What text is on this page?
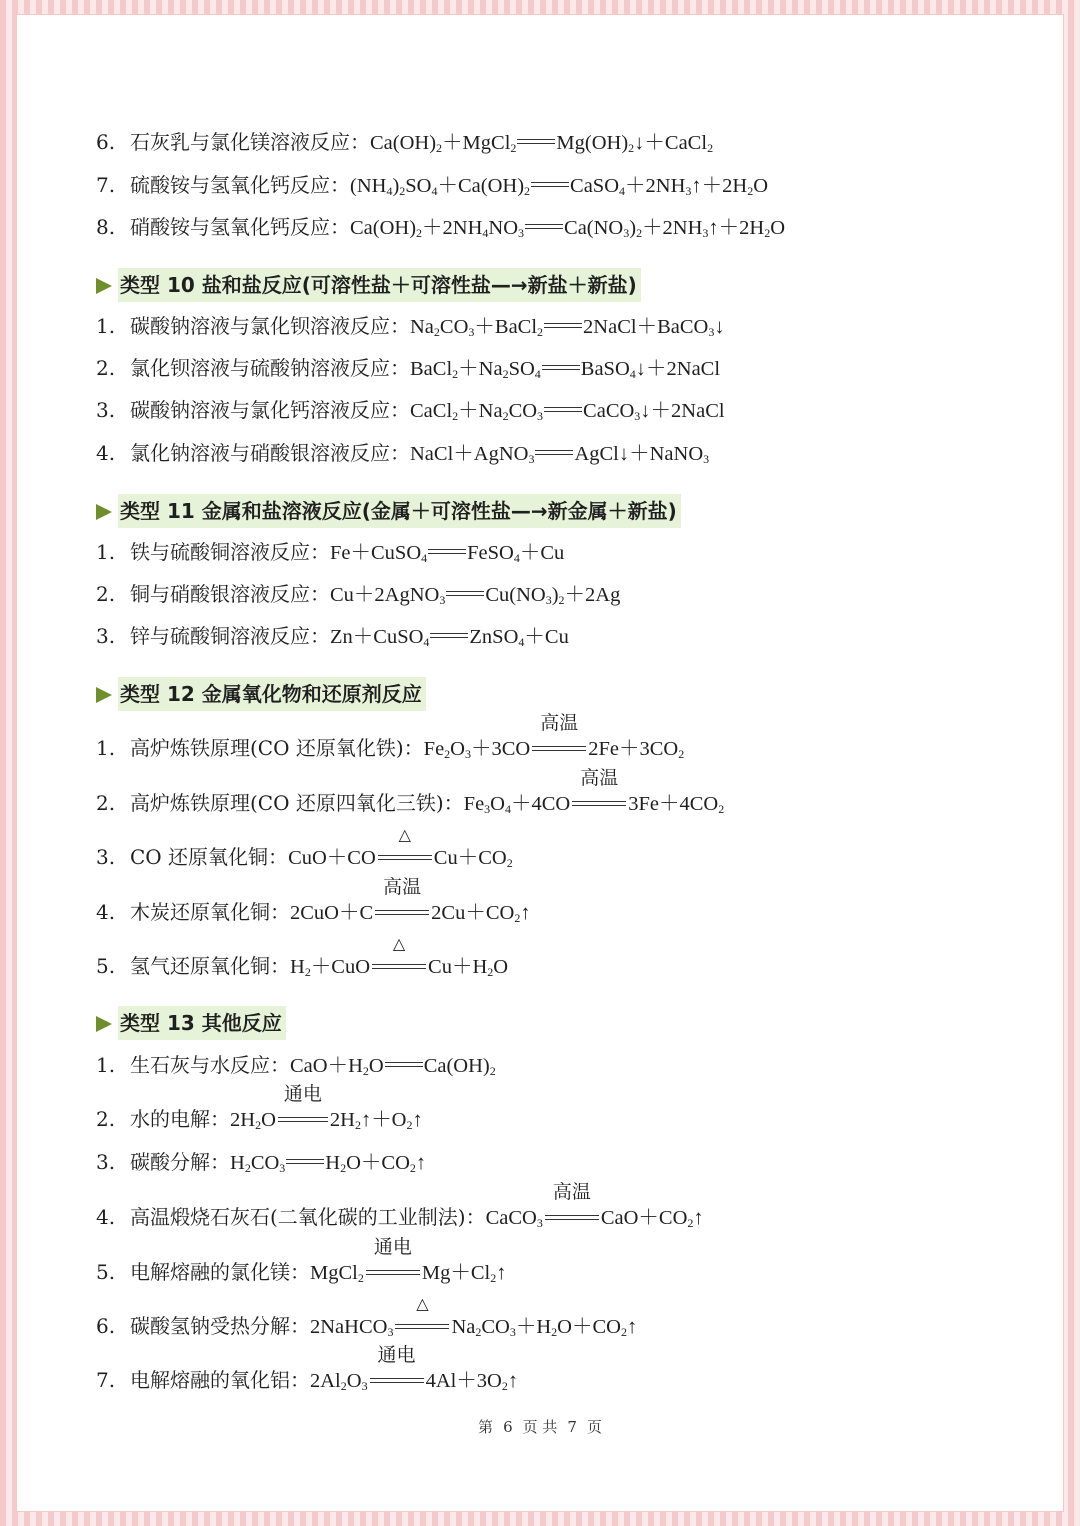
6. 石灰乳与氯化镁溶液反应：$Ca(OH)_2+MgCl_2$ $Mg(OH)_2↓+CaCl_2$
7. 硫酸铵与氢氧化钙反应：$(NH_4)_2SO_4+Ca(OH)_2$ $CaSO_4+2NH_3↑+2H_2O$
8. 硝酸铵与氢氧化钙反应：$Ca(OH)_2+2NH_4NO_3$ $Ca(NO_3)_2+2NH_3↑+2H_2O$
类型 10 盐和盐反应(可溶性盐＋可溶性盐—→新盐＋新盐)
1. 碳酸钠溶液与氯化钡溶液反应：$Na_2CO_3+BaCl_2$ 2NaCl＋BaCO$_3$↓
2. 氯化钡溶液与硫酸钠溶液反应：$BaCl_2+Na_2SO_4$ BaSO$_4$↓＋2NaCl
3. 碳酸钠溶液与氯化钙溶液反应：$CaCl_2+Na_2CO_3$ CaCO$_3$↓＋2NaCl
4. 氯化钠溶液与硝酸银溶液反应：NaCl＋AgNO$_3$ AgCl↓＋NaNO$_3$
类型 11 金属和盐溶液反应(金属＋可溶性盐—→新金属＋新盐)
1. 铁与硫酸铜溶液反应：Fe＋CuSO$_4$ FeSO$_4$＋Cu
2. 铜与硝酸银溶液反应：Cu＋2AgNO$_3$ $Cu(NO_3)_2+2Ag$
3. 锌与硫酸铜溶液反应：Zn＋CuSO$_4$ ZnSO$_4$＋Cu
类型 12 金属氧化物和还原剂反应
1. 高炉炼铁原理(CO 还原氧化铁)：$Fe_2O_3+3CO$
高温
$2Fe+3CO_2$
2. 高炉炼铁原理(CO 还原四氧化三铁)：$Fe_3O_4+4CO$
高温
$3Fe+4CO_2$
3. CO 还原氧化铜：CuO＋CO
△
$Cu+CO_2$
4. 木炭还原氧化铜：2CuO＋C
高温
$2Cu+CO_2↑$
5. 氢气还原氧化铜：$H_2+CuO$
△
$Cu+H_2O$
类型 13 其他反应
1. 生石灰与水反应：$CaO+H_2O$ $Ca(OH)_2$
2. 水的电解：$2H_2O$
通电
$2H_2↑+O_2↑$
3. 碳酸分解：$H_2CO_3$ $H_2O+CO_2↑$
4. 高温煅烧石灰石(二氧化碳的工业制法)：CaCO$_3$
高温
$CaO+CO_2↑$
5. 电解熔融的氯化镁：MgCl$_2$
通电
$Mg+Cl_2↑$
6. 碳酸氢钠受热分解：2NaHCO$_3$
△
$Na_2CO_3+H_2O+CO_2↑$
7. 电解熔融的氧化铝：$2Al_2O_3$
通电
$4Al+3O_2↑$
第 6 页 共 7 页
